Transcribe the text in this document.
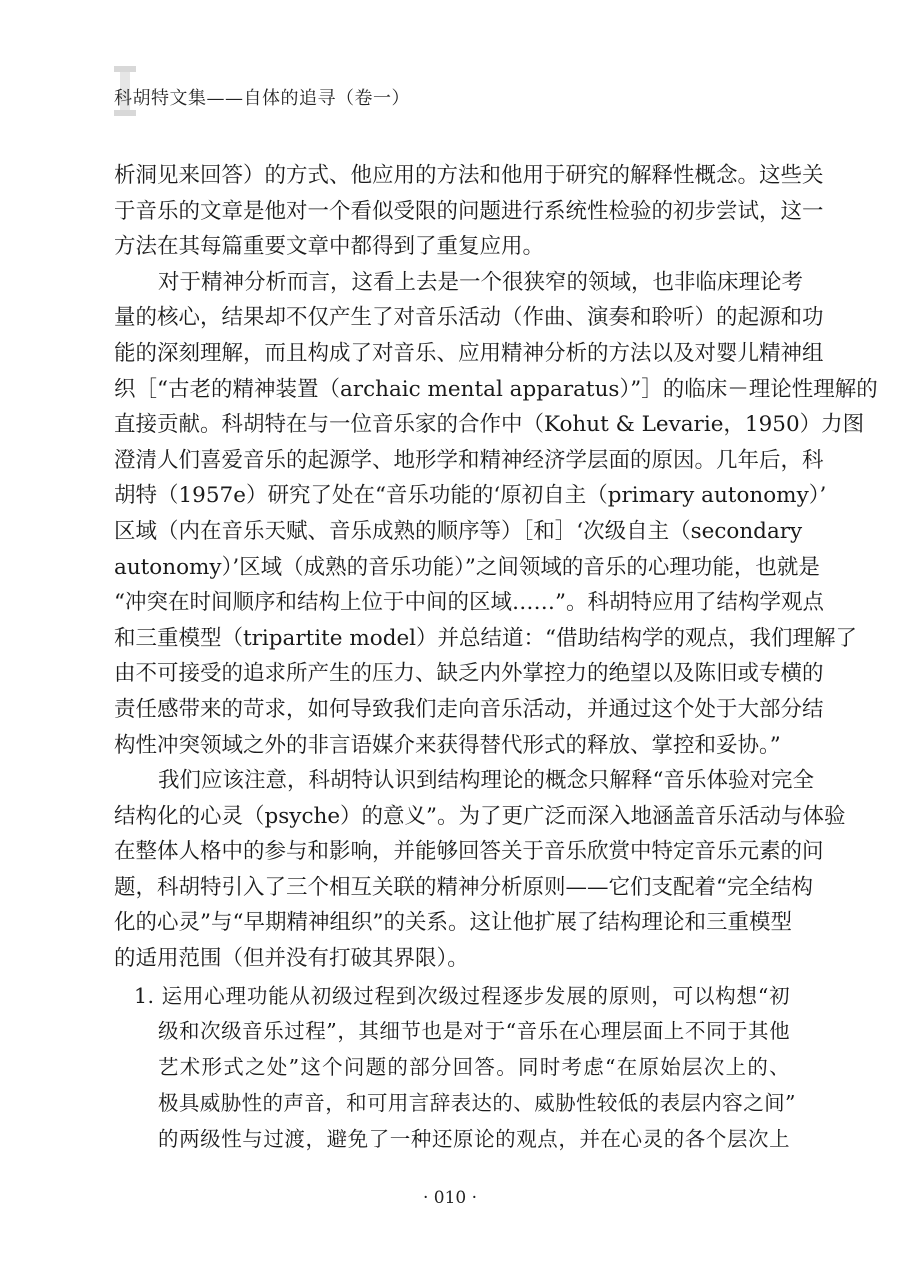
科胡特文集——自体的追寻（卷一）
析洞见来回答）的方式、他应用的方法和他用于研究的解释性概念。这些关
于音乐的文章是他对一个看似受限的问题进行系统性检验的初步尝试，这一
方法在其每篇重要文章中都得到了重复应用。
对于精神分析而言，这看上去是一个很狭窄的领域，也非临床理论考
量的核心，结果却不仅产生了对音乐活动（作曲、演奏和聆听）的起源和功
能的深刻理解，而且构成了对音乐、应用精神分析的方法以及对婴儿精神组
织［“古老的精神装置（archaic mental apparatus）”］的临床－理论性理解的
直接贡献。科胡特在与一位音乐家的合作中（Kohut & Levarie，1950）力图
澄清人们喜爱音乐的起源学、地形学和精神经济学层面的原因。几年后，科
胡特（1957e）研究了处在“音乐功能的‘原初自主（primary autonomy）’
区域（内在音乐天赋、音乐成熟的顺序等）［和］‘次级自主（secondary
autonomy）’区域（成熟的音乐功能）”之间领域的音乐的心理功能，也就是
“冲突在时间顺序和结构上位于中间的区域……”。科胡特应用了结构学观点
和三重模型（tripartite model）并总结道：“借助结构学的观点，我们理解了
由不可接受的追求所产生的压力、缺乏内外掌控力的绝望以及陈旧或专横的
责任感带来的苛求，如何导致我们走向音乐活动，并通过这个处于大部分结
构性冲突领域之外的非言语媒介来获得替代形式的释放、掌控和妥协。”
我们应该注意，科胡特认识到结构理论的概念只解释“音乐体验对完全
结构化的心灵（psyche）的意义”。为了更广泛而深入地涵盖音乐活动与体验
在整体人格中的参与和影响，并能够回答关于音乐欣赏中特定音乐元素的问
题，科胡特引入了三个相互关联的精神分析原则——它们支配着“完全结构
化的心灵”与“早期精神组织”的关系。这让他扩展了结构理论和三重模型
的适用范围（但并没有打破其界限）。
1. 运用心理功能从初级过程到次级过程逐步发展的原则，可以构想“初
级和次级音乐过程”，其细节也是对于“音乐在心理层面上不同于其他
艺术形式之处”这个问题的部分回答。同时考虑“在原始层次上的、
极具威胁性的声音，和可用言辞表达的、威胁性较低的表层内容之间”
的两级性与过渡，避免了一种还原论的观点，并在心灵的各个层次上
· 010 ·
